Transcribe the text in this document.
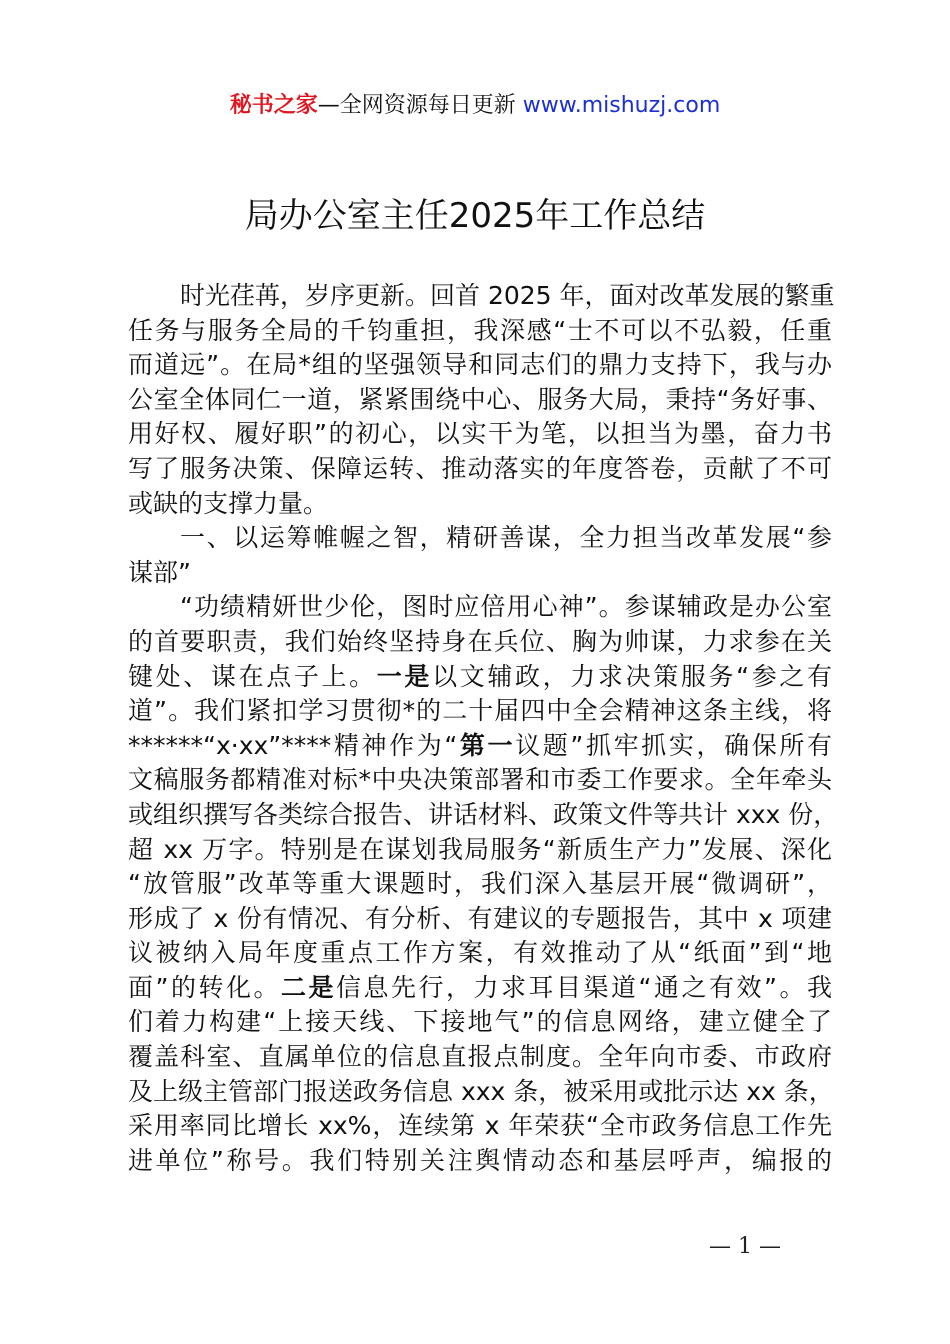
秘书之家—全网资源每日更新 www.mishuzj.com
局办公室主任2025年工作总结
时光荏苒，岁序更新。回首 2025 年，面对改革发展的繁重
任务与服务全局的千钧重担，我深感“士不可以不弘毅，任重
而道远”。在局*组的坚强领导和同志们的鼎力支持下，我与办
公室全体同仁一道，紧紧围绕中心、服务大局，秉持“务好事、
用好权、履好职”的初心，以实干为笔，以担当为墨，奋力书
写了服务决策、保障运转、推动落实的年度答卷，贡献了不可
或缺的支撑力量。
一、以运筹帷幄之智，精研善谋，全力担当改革发展“参
谋部”
“功绩精妍世少伦，图时应倍用心神”。参谋辅政是办公室
的首要职责，我们始终坚持身在兵位、胸为帅谋，力求参在关
键处、谋在点子上。一是以文辅政，力求决策服务“参之有
道”。我们紧扣学习贯彻*的二十届四中全会精神这条主线，将
******“x·xx”****精神作为“第一议题”抓牢抓实，确保所有
文稿服务都精准对标*中央决策部署和市委工作要求。全年牵头
或组织撰写各类综合报告、讲话材料、政策文件等共计 xxx 份，
超 xx 万字。特别是在谋划我局服务“新质生产力”发展、深化
“放管服”改革等重大课题时，我们深入基层开展“微调研”，
形成了 x 份有情况、有分析、有建议的专题报告，其中 x 项建
议被纳入局年度重点工作方案，有效推动了从“纸面”到“地
面”的转化。二是信息先行，力求耳目渠道“通之有效”。我
们着力构建“上接天线、下接地气”的信息网络，建立健全了
覆盖科室、直属单位的信息直报点制度。全年向市委、市政府
及上级主管部门报送政务信息 xxx 条，被采用或批示达 xx 条，
采用率同比增长 xx%，连续第 x 年荣获“全市政务信息工作先
进单位”称号。我们特别关注舆情动态和基层呼声，编报的
— 1 —
